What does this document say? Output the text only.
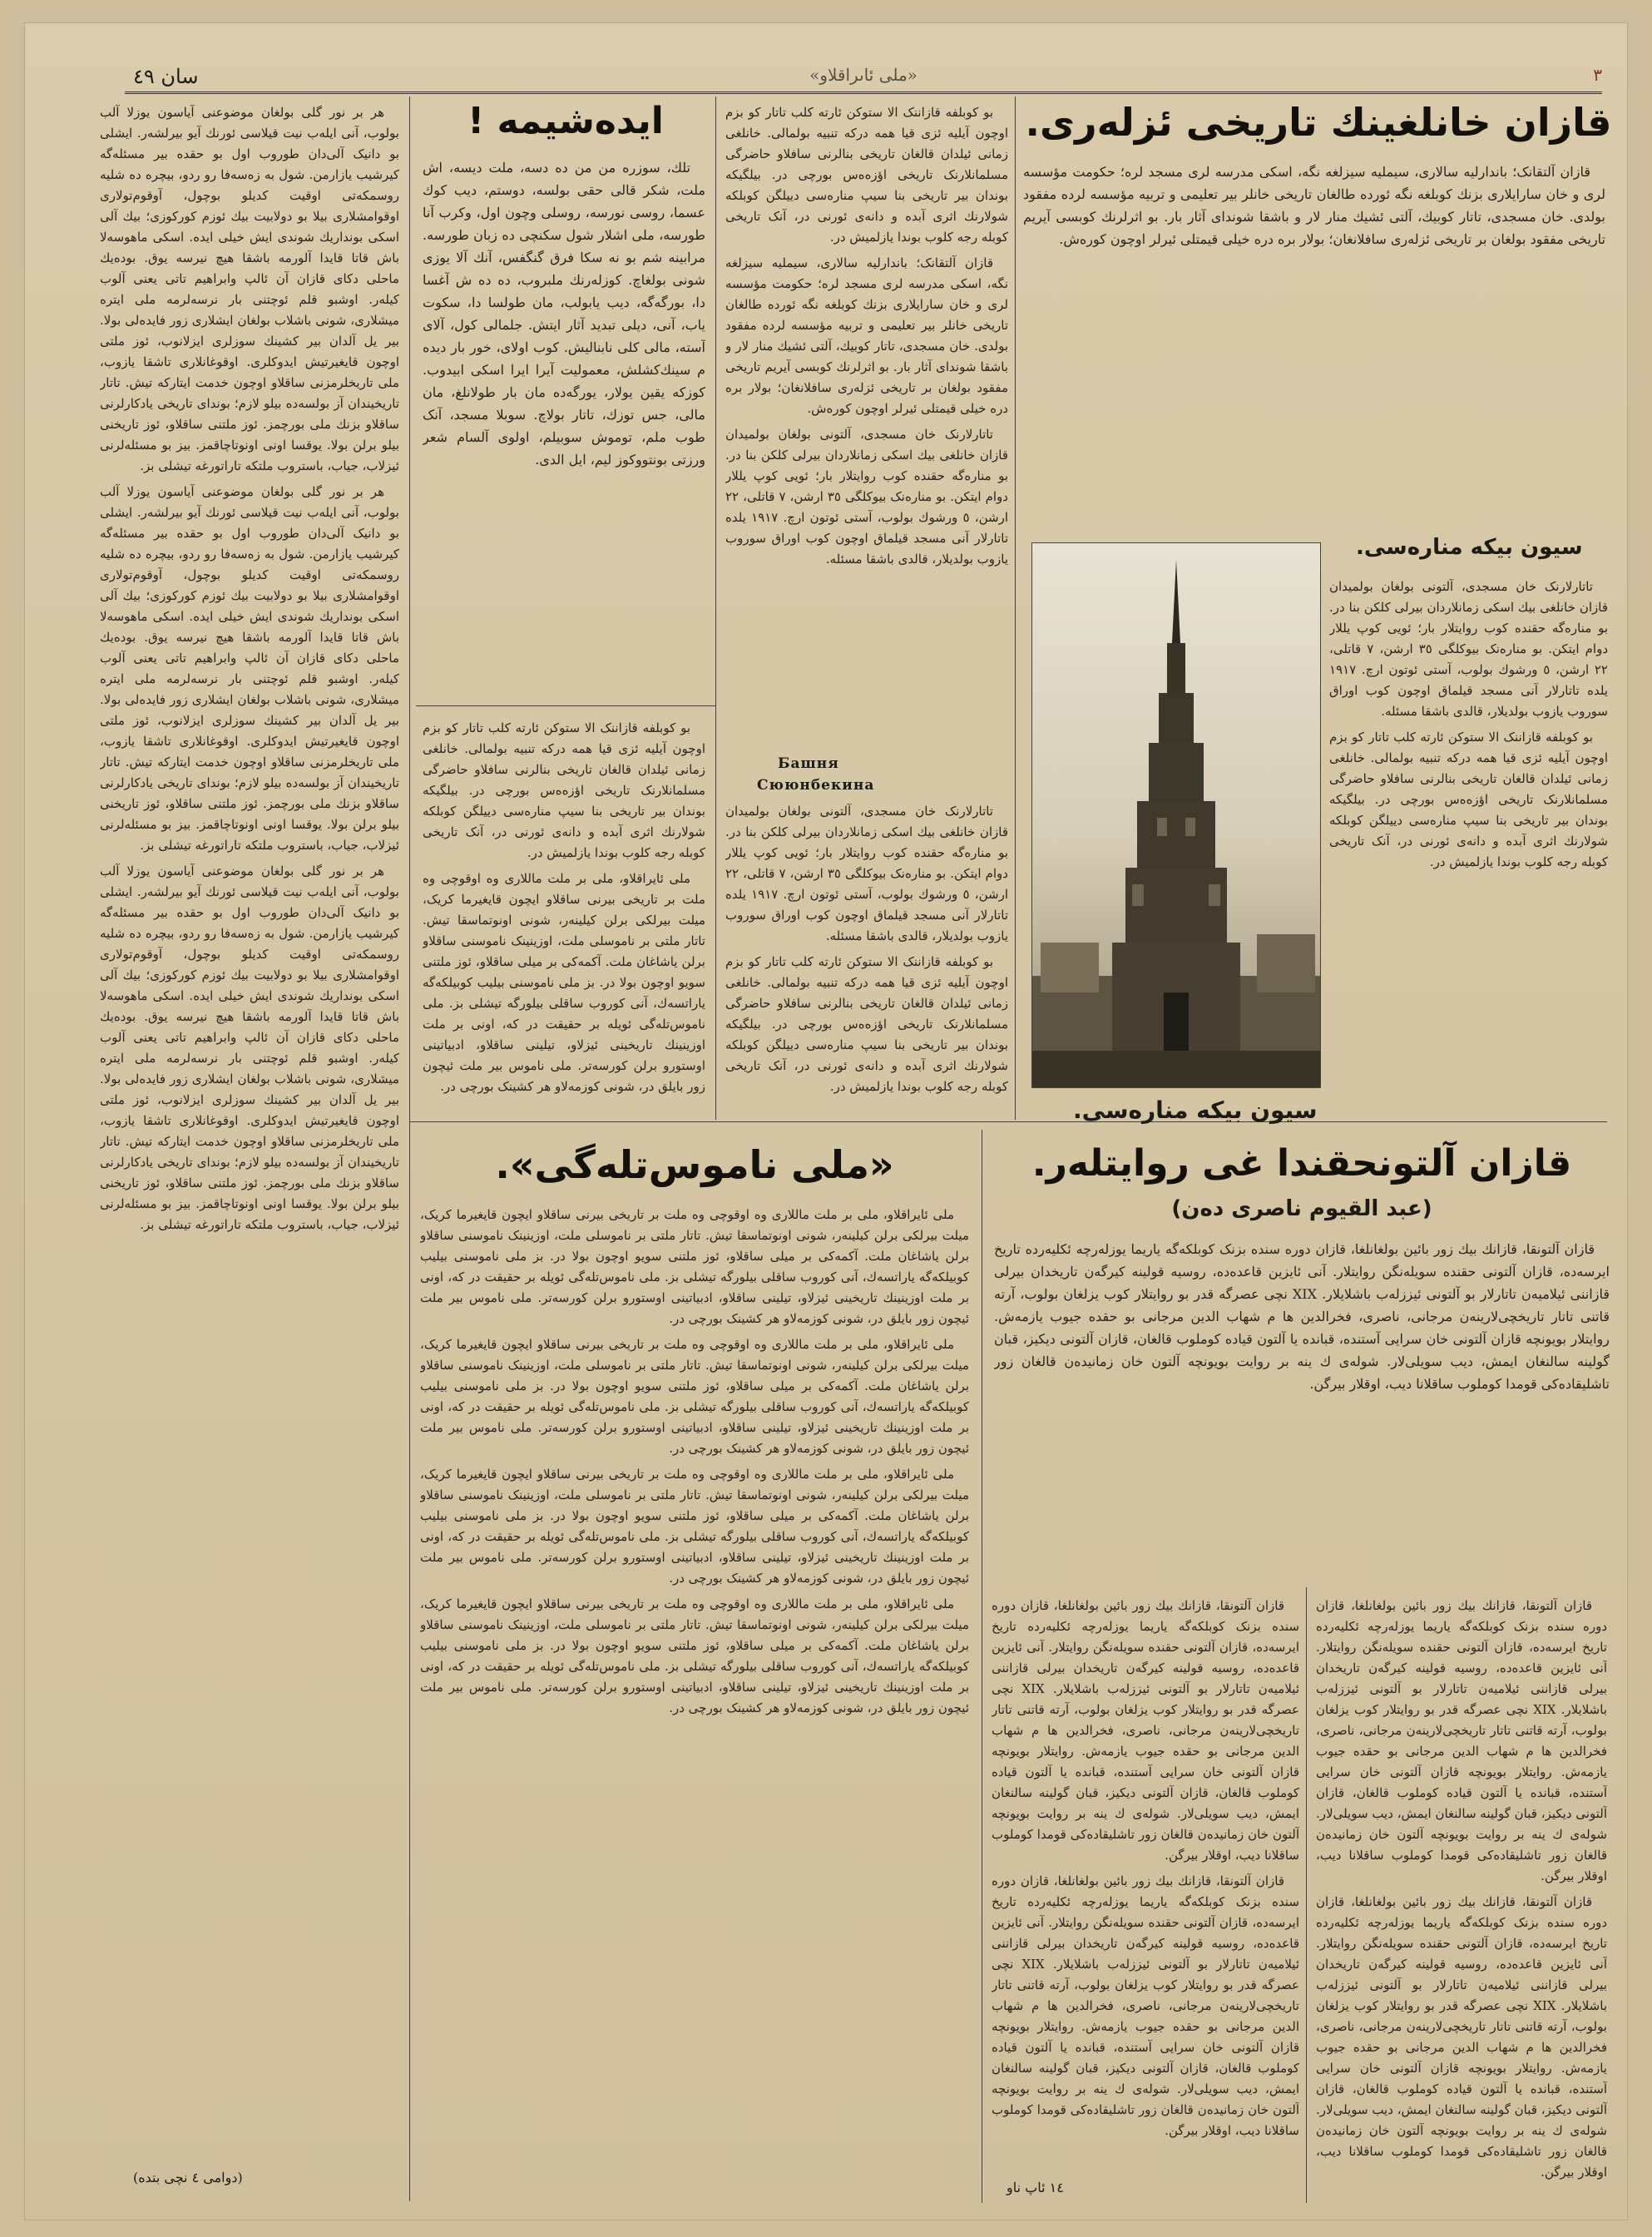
سان ٤٩	«ملى ئاىراقلاو»	٣

هر بر نور گلی بولغان موضوعنی آیاسون یوزلا آلب بولوب، آنی ایله‌ب نیت قیلاسی ئورنك آیو بیرلشه‌ر. ایشلی بو دانیک آلی‌دان طوروب اول بو حقده بیر مسئله‌گه كیرشیب یازارمن. شول به زه‌سه‌فا رو ردو، بیچره ده شلیه روسمكه‌تی اوقیت كدیلو بوچول، آوقوم‌تولاری اوقوامشلاری بیلا بو دولابیت بیك ئوزم كوركوزی؛ بیك آلی اسكی بونداریك شوندی ایش خیلی ایده. اسكی ماهوسه‌لا باش قاتا قایدا آلورمه باشقا هیچ نیرسه یوق. بوده‌یك ماحلی دكای قازان آن ئالپ وابراهیم تاتی یعنی آلوب كیله‌ر. اوشبو قلم ئوچتنی بار نرسه‌لرمه ملی ایتره میشلاری، شونی باشلاب بولغان ایشلاری زور فایده‌لی بولا. بیر یل آلدان بیر كشینك سوزلری ایزلانوب، ئوز ملتی اوچون قایغیرتیش ایدوكلری. اوقوغانلاری تاشقا یازوب، ملی تاریخلرمزنی ساقلاو اوچون خدمت ایتاركه تیش. تاتار تاریخیندان آز بولسه‌ده بیلو لازم؛ بوندای تاریخی یادكارلرنی ساقلاو بزنك ملی بورچمز. ئوز ملتنی ساقلاو، ئوز تاریخنی بیلو برلن بولا. یوقسا اونی اونوتاچاقمز. بیز بو مسئله‌لرنی ئیزلاب، جیاب، باستروب ملتكه تاراتورغه تیشلی بز.

هر بر نور گلی بولغان موضوعنی آیاسون یوزلا آلب بولوب، آنی ایله‌ب نیت قیلاسی ئورنك آیو بیرلشه‌ر. ایشلی بو دانیک آلی‌دان طوروب اول بو حقده بیر مسئله‌گه كیرشیب یازارمن. شول به زه‌سه‌فا رو ردو، بیچره ده شلیه روسمكه‌تی اوقیت كدیلو بوچول، آوقوم‌تولاری اوقوامشلاری بیلا بو دولابیت بیك ئوزم كوركوزی؛ بیك آلی اسكی بونداریك شوندی ایش خیلی ایده. اسكی ماهوسه‌لا باش قاتا قایدا آلورمه باشقا هیچ نیرسه یوق. بوده‌یك ماحلی دكای قازان آن ئالپ وابراهیم تاتی یعنی آلوب كیله‌ر. اوشبو قلم ئوچتنی بار نرسه‌لرمه ملی ایتره میشلاری، شونی باشلاب بولغان ایشلاری زور فایده‌لی بولا. بیر یل آلدان بیر كشینك سوزلری ایزلانوب، ئوز ملتی اوچون قایغیرتیش ایدوكلری. اوقوغانلاری تاشقا یازوب، ملی تاریخلرمزنی ساقلاو اوچون خدمت ایتاركه تیش. تاتار تاریخیندان آز بولسه‌ده بیلو لازم؛ بوندای تاریخی یادكارلرنی ساقلاو بزنك ملی بورچمز. ئوز ملتنی ساقلاو، ئوز تاریخنی بیلو برلن بولا. یوقسا اونی اونوتاچاقمز. بیز بو مسئله‌لرنی ئیزلاب، جیاب، باستروب ملتكه تاراتورغه تیشلی بز.

هر بر نور گلی بولغان موضوعنی آیاسون یوزلا آلب بولوب، آنی ایله‌ب نیت قیلاسی ئورنك آیو بیرلشه‌ر. ایشلی بو دانیک آلی‌دان طوروب اول بو حقده بیر مسئله‌گه كیرشیب یازارمن. شول به زه‌سه‌فا رو ردو، بیچره ده شلیه روسمكه‌تی اوقیت كدیلو بوچول، آوقوم‌تولاری اوقوامشلاری بیلا بو دولابیت بیك ئوزم كوركوزی؛ بیك آلی اسكی بونداریك شوندی ایش خیلی ایده. اسكی ماهوسه‌لا باش قاتا قایدا آلورمه باشقا هیچ نیرسه یوق. بوده‌یك ماحلی دكای قازان آن ئالپ وابراهیم تاتی یعنی آلوب كیله‌ر. اوشبو قلم ئوچتنی بار نرسه‌لرمه ملی ایتره میشلاری، شونی باشلاب بولغان ایشلاری زور فایده‌لی بولا. بیر یل آلدان بیر كشینك سوزلری ایزلانوب، ئوز ملتی اوچون قایغیرتیش ایدوكلری. اوقوغانلاری تاشقا یازوب، ملی تاریخلرمزنی ساقلاو اوچون خدمت ایتاركه تیش. تاتار تاریخیندان آز بولسه‌ده بیلو لازم؛ بوندای تاریخی یادكارلرنی ساقلاو بزنك ملی بورچمز. ئوز ملتنی ساقلاو، ئوز تاریخنی بیلو برلن بولا. یوقسا اونی اونوتاچاقمز. بیز بو مسئله‌لرنی ئیزلاب، جیاب، باستروب ملتكه تاراتورغه تیشلی بز.

(دوامی ٤ نچی بتده)
ایده‌شیمه !

تلك، سوزره من من ده دسه، ملت دیسه، اش ملت، شكر قالی حقی بولسه، دوستم، دیب كوك عسما، روسی نورسه، روسلی وچون اول، وكرب آنا طورسه، ملی اشلار شول سكنچی ده زبان طورسه. مرابینه شم بو نه سكا فرق گنگفس، آنك آلا یوزی شونی بولغاچ. كوزله‌رنك ملبروب، ده ده ش آغسا دا، بورگه‌گه، دیب یابولب، مان طولسا دا، سكوت یاب، آنی، دیلی تبدید آثار ایتش. جلمالی كول، آلای آسته، مالی كلی نابنالیش. كوب اولای، خور بار دیده م سینك‌كشلش، معمولیت آیرا ایرا اسكی ابیدوب. كوزكه یقین یولار، یورگه‌ده مان بار طولانلغ، مان مالی، جس توزك، تاتار بولاچ. سوبلا مسجد، آنک طوب ملم، توموش سوبیلم، اولوی آلسام شعر ورزتی بونتووكوز لیم، ایل الدی.

بو كوبلفه قازاننک الا ستوكن ئارته كلب تاتار كو بزم اوچون آیلیه ئزی قیا همه دركه تنبیه بولمالی. خانلغی زمانی ئیلدان قالغان تاریخی بنالرنی سافلاو حاضرگی مسلمانلارنک تاریخی اؤزه‌ه‌س بورچی در. بیلگیكه بوندان بیر تاریخی بنا سیپ مناره‌سی دییلگن كوبلكه شولارنك اثری آبده و دانه‌ی ئورنی در، آنک تاریخی كوبله رجه كلوب بوندا یازلمیش در.

ملی ئایراقلاو، ملی بر ملت ماللاری وه اوقوچی وه ملت بر تاریخی بیرنی ساقلاو ایچون قایغیرما كریک، میلت بیرلکی برلن كیلینه‌ر، شونی اونوتماسقا تیش. تاتار ملتی بر ناموسلی ملت، اوزینینک ناموسنی ساقلاو برلن یاشاغان ملت. آكمه‌كی بر میلی ساقلاو، ئوز ملتنی سویو اوچون بولا در. بز ملی ناموسنی بیلیب كوبیلكه‌گه یاراتسه‌ك، آنی كوروب ساقلی بیلورگه تیشلی بز. ملی ناموس‌تله‌گی ئویله بر حقیقت در كه، اونی بر ملت اوزینینك تاریخینی ئیزلاو، تیلینی ساقلاو، ادبیاتینی اوستورو برلن كورسه‌تر. ملی ناموس بیر ملت ئیچون زور بایلق در، شونی كوزمه‌لاو هر كشینک بورچی در.

بو كوبلفه قازاننک الا ستوكن ئارته كلب تاتار كو بزم اوچون آیلیه ئزی قیا همه دركه تنبیه بولمالی. خانلغی زمانی ئیلدان قالغان تاریخی بنالرنی سافلاو حاضرگی مسلمانلارنک تاریخی اؤزه‌ه‌س بورچی در. بیلگیكه بوندان بیر تاریخی بنا سیپ مناره‌سی دییلگن كوبلكه شولارنك اثری آبده و دانه‌ی ئورنی در، آنک تاریخی كوبله رجه كلوب بوندا یازلمیش در.

قازان آلتقانک؛ باندارلیه سالاری، سیملیه سیزلغه نگه، اسكی مدرسه لری مسجد لره؛ حكومت مؤسسه لری و خان سارایلاری بزنك كوبلغه نگه ئورده طالغان تاریخی خانلر بیر تعلیمی و تربیه مؤسسه لرده مفقود بولدی. خان مسجدی، تاتار كوبیك، آلتی ئشیك منار لار و باشقا شونداى آثار بار. بو اثرلرنك كوبسی آیریم تاریخی مفقود بولغان بر تاریخی ئزله‌ری سافلانغان؛ بولار بره دره خیلی قیمتلی ئیرلر اوچون كوره‌ش.

تاتارلارنک خان مسجدی، آلتونی بولغان بولمیدان قازان خانلغی بیك اسكی زمانلاردان بیرلی كلكن بنا در. بو مناره‌گه حقنده كوب روایتلار بار؛ ئویی كوپ یللار دوام ایتكن. بو مناره‌نک بیوكلگی ٣٥ ارشن، ٧ قاتلی، ٢٢ ارشن، ٥ ورشوك بولوب، آستی ئوتون ارچ. ١٩١٧ یلده تاتارلار آنی مسجد قیلماق اوچون كوب اوراق سوروب یازوب بولدیلار، قالدی باشقا مسئله.

Башня
Сююнбекина

تاتارلارنک خان مسجدی، آلتونی بولغان بولمیدان قازان خانلغی بیك اسكی زمانلاردان بیرلی كلكن بنا در. بو مناره‌گه حقنده كوب روایتلار بار؛ ئویی كوپ یللار دوام ایتكن. بو مناره‌نک بیوكلگی ٣٥ ارشن، ٧ قاتلی، ٢٢ ارشن، ٥ ورشوك بولوب، آستی ئوتون ارچ. ١٩١٧ یلده تاتارلار آنی مسجد قیلماق اوچون كوب اوراق سوروب یازوب بولدیلار، قالدی باشقا مسئله.

بو كوبلفه قازاننک الا ستوكن ئارته كلب تاتار كو بزم اوچون آیلیه ئزی قیا همه دركه تنبیه بولمالی. خانلغی زمانی ئیلدان قالغان تاریخی بنالرنی سافلاو حاضرگی مسلمانلارنک تاریخی اؤزه‌ه‌س بورچی در. بیلگیكه بوندان بیر تاریخی بنا سیپ مناره‌سی دییلگن كوبلكه شولارنك اثری آبده و دانه‌ی ئورنی در، آنک تاریخی كوبله رجه كلوب بوندا یازلمیش در.

قازان خانلغینك تاریخی ئزله‌ری.

قازان آلتقانک؛ باندارلیه سالاری، سیملیه سیزلغه نگه، اسكی مدرسه لری مسجد لره؛ حكومت مؤسسه لری و خان سارایلاری بزنك كوبلغه نگه ئورده طالغان تاریخی خانلر بیر تعلیمی و تربیه مؤسسه لرده مفقود بولدی. خان مسجدی، تاتار كوبیك، آلتی ئشیك منار لار و باشقا شونداى آثار بار. بو اثرلرنك كوبسی آیریم تاریخی مفقود بولغان بر تاریخی ئزله‌ری سافلانغان؛ بولار بره دره خیلی قیمتلی ئیرلر اوچون كوره‌ش.

سیون بیکه مناره‌سی.
سیون بیكه مناره‌سی.

تاتارلارنک خان مسجدی، آلتونی بولغان بولمیدان قازان خانلغی بیك اسكی زمانلاردان بیرلی كلكن بنا در. بو مناره‌گه حقنده كوب روایتلار بار؛ ئویی كوپ یللار دوام ایتكن. بو مناره‌نک بیوكلگی ٣٥ ارشن، ٧ قاتلی، ٢٢ ارشن، ٥ ورشوك بولوب، آستی ئوتون ارچ. ١٩١٧ یلده تاتارلار آنی مسجد قیلماق اوچون كوب اوراق سوروب یازوب بولدیلار، قالدی باشقا مسئله.

بو كوبلفه قازاننک الا ستوكن ئارته كلب تاتار كو بزم اوچون آیلیه ئزی قیا همه دركه تنبیه بولمالی. خانلغی زمانی ئیلدان قالغان تاریخی بنالرنی سافلاو حاضرگی مسلمانلارنک تاریخی اؤزه‌ه‌س بورچی در. بیلگیكه بوندان بیر تاریخی بنا سیپ مناره‌سی دییلگن كوبلكه شولارنك اثری آبده و دانه‌ی ئورنی در، آنک تاریخی كوبله رجه كلوب بوندا یازلمیش در.

قازان آلتونحقندا غی روایتله‌ر.
(عبد القیوم ناصری ده‌ن)

قازان آلتونقا، قازانك بیك زور بائین بولغانلغا، قازان دوره سنده بزنک کوبلکه‌گه یاریما یوزله‌رچه ئکلیه‌رده تاریخ ایرسه‌ده، قازان آلتونی حقنده سویله‌نگن روایتلار. آنی ئایزین قاعده‌ده، روسیه قولینه كیرگه‌ن تاریخدان بیرلی قازاننی ئیلامیه‌ن تاتارلار بو آلتونی ئیززله‌ب باشلایلار. XIX نچی عصرگه قدر بو روایتلار كوب یزلغان بولوب، آرته قاتنی تاتار تاریخچی‌لارینه‌ن مرجانی، ناصری، فخرالدین ها م شهاب الدین مرجانی بو حقده جیوب یازمه‌ش. روایتلار بویونچه قازان آلتونی خان سرایی آستنده، قبانده یا آلتون قیاده كوملوب قالغان، قازان آلتونی دیكیز، قبان گولینه سالنغان ایمش، دیب سویلی‌لار. شوله‌ی ك ینه بر روایت بویونچه آلتون خان زمانیده‌ن قالغان زور تاشلیقاده‌كی قومدا كوملوب ساقلانا دیب، اوقلار بیرگن.

قازان آلتونقا، قازانك بیك زور بائین بولغانلغا، قازان دوره سنده بزنک کوبلکه‌گه یاریما یوزله‌رچه ئکلیه‌رده تاریخ ایرسه‌ده، قازان آلتونی حقنده سویله‌نگن روایتلار. آنی ئایزین قاعده‌ده، روسیه قولینه كیرگه‌ن تاریخدان بیرلی قازاننی ئیلامیه‌ن تاتارلار بو آلتونی ئیززله‌ب باشلایلار. XIX نچی عصرگه قدر بو روایتلار كوب یزلغان بولوب، آرته قاتنی تاتار تاریخچی‌لارینه‌ن مرجانی، ناصری، فخرالدین ها م شهاب الدین مرجانی بو حقده جیوب یازمه‌ش. روایتلار بویونچه قازان آلتونی خان سرایی آستنده، قبانده یا آلتون قیاده كوملوب قالغان، قازان آلتونی دیكیز، قبان گولینه سالنغان ایمش، دیب سویلی‌لار. شوله‌ی ك ینه بر روایت بویونچه آلتون خان زمانیده‌ن قالغان زور تاشلیقاده‌كی قومدا كوملوب ساقلانا دیب، اوقلار بیرگن.

قازان آلتونقا، قازانك بیك زور بائین بولغانلغا، قازان دوره سنده بزنک کوبلکه‌گه یاریما یوزله‌رچه ئکلیه‌رده تاریخ ایرسه‌ده، قازان آلتونی حقنده سویله‌نگن روایتلار. آنی ئایزین قاعده‌ده، روسیه قولینه كیرگه‌ن تاریخدان بیرلی قازاننی ئیلامیه‌ن تاتارلار بو آلتونی ئیززله‌ب باشلایلار. XIX نچی عصرگه قدر بو روایتلار كوب یزلغان بولوب، آرته قاتنی تاتار تاریخچی‌لارینه‌ن مرجانی، ناصری، فخرالدین ها م شهاب الدین مرجانی بو حقده جیوب یازمه‌ش. روایتلار بویونچه قازان آلتونی خان سرایی آستنده، قبانده یا آلتون قیاده كوملوب قالغان، قازان آلتونی دیكیز، قبان گولینه سالنغان ایمش، دیب سویلی‌لار. شوله‌ی ك ینه بر روایت بویونچه آلتون خان زمانیده‌ن قالغان زور تاشلیقاده‌كی قومدا كوملوب ساقلانا دیب، اوقلار بیرگن.

قازان آلتونقا، قازانك بیك زور بائین بولغانلغا، قازان دوره سنده بزنک کوبلکه‌گه یاریما یوزله‌رچه ئکلیه‌رده تاریخ ایرسه‌ده، قازان آلتونی حقنده سویله‌نگن روایتلار. آنی ئایزین قاعده‌ده، روسیه قولینه كیرگه‌ن تاریخدان بیرلی قازاننی ئیلامیه‌ن تاتارلار بو آلتونی ئیززله‌ب باشلایلار. XIX نچی عصرگه قدر بو روایتلار كوب یزلغان بولوب، آرته قاتنی تاتار تاریخچی‌لارینه‌ن مرجانی، ناصری، فخرالدین ها م شهاب الدین مرجانی بو حقده جیوب یازمه‌ش. روایتلار بویونچه قازان آلتونی خان سرایی آستنده، قبانده یا آلتون قیاده كوملوب قالغان، قازان آلتونی دیكیز، قبان گولینه سالنغان ایمش، دیب سویلی‌لار. شوله‌ی ك ینه بر روایت بویونچه آلتون خان زمانیده‌ن قالغان زور تاشلیقاده‌كی قومدا كوملوب ساقلانا دیب، اوقلار بیرگن.

قازان آلتونقا، قازانك بیك زور بائین بولغانلغا، قازان دوره سنده بزنک کوبلکه‌گه یاریما یوزله‌رچه ئکلیه‌رده تاریخ ایرسه‌ده، قازان آلتونی حقنده سویله‌نگن روایتلار. آنی ئایزین قاعده‌ده، روسیه قولینه كیرگه‌ن تاریخدان بیرلی قازاننی ئیلامیه‌ن تاتارلار بو آلتونی ئیززله‌ب باشلایلار. XIX نچی عصرگه قدر بو روایتلار كوب یزلغان بولوب، آرته قاتنی تاتار تاریخچی‌لارینه‌ن مرجانی، ناصری، فخرالدین ها م شهاب الدین مرجانی بو حقده جیوب یازمه‌ش. روایتلار بویونچه قازان آلتونی خان سرایی آستنده، قبانده یا آلتون قیاده كوملوب قالغان، قازان آلتونی دیكیز، قبان گولینه سالنغان ایمش، دیب سویلی‌لار. شوله‌ی ك ینه بر روایت بویونچه آلتون خان زمانیده‌ن قالغان زور تاشلیقاده‌كی قومدا كوملوب ساقلانا دیب، اوقلار بیرگن.

١٤ ئاپ ناو
«ملی ناموس‌تله‌گی».

ملی ئایراقلاو، ملی بر ملت ماللاری وه اوقوچی وه ملت بر تاریخی بیرنی ساقلاو ایچون قایغیرما كریک، میلت بیرلکی برلن كیلینه‌ر، شونی اونوتماسقا تیش. تاتار ملتی بر ناموسلی ملت، اوزینینک ناموسنی ساقلاو برلن یاشاغان ملت. آكمه‌كی بر میلی ساقلاو، ئوز ملتنی سویو اوچون بولا در. بز ملی ناموسنی بیلیب كوبیلكه‌گه یاراتسه‌ك، آنی كوروب ساقلی بیلورگه تیشلی بز. ملی ناموس‌تله‌گی ئویله بر حقیقت در كه، اونی بر ملت اوزینینك تاریخینی ئیزلاو، تیلینی ساقلاو، ادبیاتینی اوستورو برلن كورسه‌تر. ملی ناموس بیر ملت ئیچون زور بایلق در، شونی كوزمه‌لاو هر كشینک بورچی در.

ملی ئایراقلاو، ملی بر ملت ماللاری وه اوقوچی وه ملت بر تاریخی بیرنی ساقلاو ایچون قایغیرما كریک، میلت بیرلکی برلن كیلینه‌ر، شونی اونوتماسقا تیش. تاتار ملتی بر ناموسلی ملت، اوزینینک ناموسنی ساقلاو برلن یاشاغان ملت. آكمه‌كی بر میلی ساقلاو، ئوز ملتنی سویو اوچون بولا در. بز ملی ناموسنی بیلیب كوبیلكه‌گه یاراتسه‌ك، آنی كوروب ساقلی بیلورگه تیشلی بز. ملی ناموس‌تله‌گی ئویله بر حقیقت در كه، اونی بر ملت اوزینینك تاریخینی ئیزلاو، تیلینی ساقلاو، ادبیاتینی اوستورو برلن كورسه‌تر. ملی ناموس بیر ملت ئیچون زور بایلق در، شونی كوزمه‌لاو هر كشینک بورچی در.

ملی ئایراقلاو، ملی بر ملت ماللاری وه اوقوچی وه ملت بر تاریخی بیرنی ساقلاو ایچون قایغیرما كریک، میلت بیرلکی برلن كیلینه‌ر، شونی اونوتماسقا تیش. تاتار ملتی بر ناموسلی ملت، اوزینینک ناموسنی ساقلاو برلن یاشاغان ملت. آكمه‌كی بر میلی ساقلاو، ئوز ملتنی سویو اوچون بولا در. بز ملی ناموسنی بیلیب كوبیلكه‌گه یاراتسه‌ك، آنی كوروب ساقلی بیلورگه تیشلی بز. ملی ناموس‌تله‌گی ئویله بر حقیقت در كه، اونی بر ملت اوزینینك تاریخینی ئیزلاو، تیلینی ساقلاو، ادبیاتینی اوستورو برلن كورسه‌تر. ملی ناموس بیر ملت ئیچون زور بایلق در، شونی كوزمه‌لاو هر كشینک بورچی در.

ملی ئایراقلاو، ملی بر ملت ماللاری وه اوقوچی وه ملت بر تاریخی بیرنی ساقلاو ایچون قایغیرما كریک، میلت بیرلکی برلن كیلینه‌ر، شونی اونوتماسقا تیش. تاتار ملتی بر ناموسلی ملت، اوزینینک ناموسنی ساقلاو برلن یاشاغان ملت. آكمه‌كی بر میلی ساقلاو، ئوز ملتنی سویو اوچون بولا در. بز ملی ناموسنی بیلیب كوبیلكه‌گه یاراتسه‌ك، آنی كوروب ساقلی بیلورگه تیشلی بز. ملی ناموس‌تله‌گی ئویله بر حقیقت در كه، اونی بر ملت اوزینینك تاریخینی ئیزلاو، تیلینی ساقلاو، ادبیاتینی اوستورو برلن كورسه‌تر. ملی ناموس بیر ملت ئیچون زور بایلق در، شونی كوزمه‌لاو هر كشینک بورچی در.
